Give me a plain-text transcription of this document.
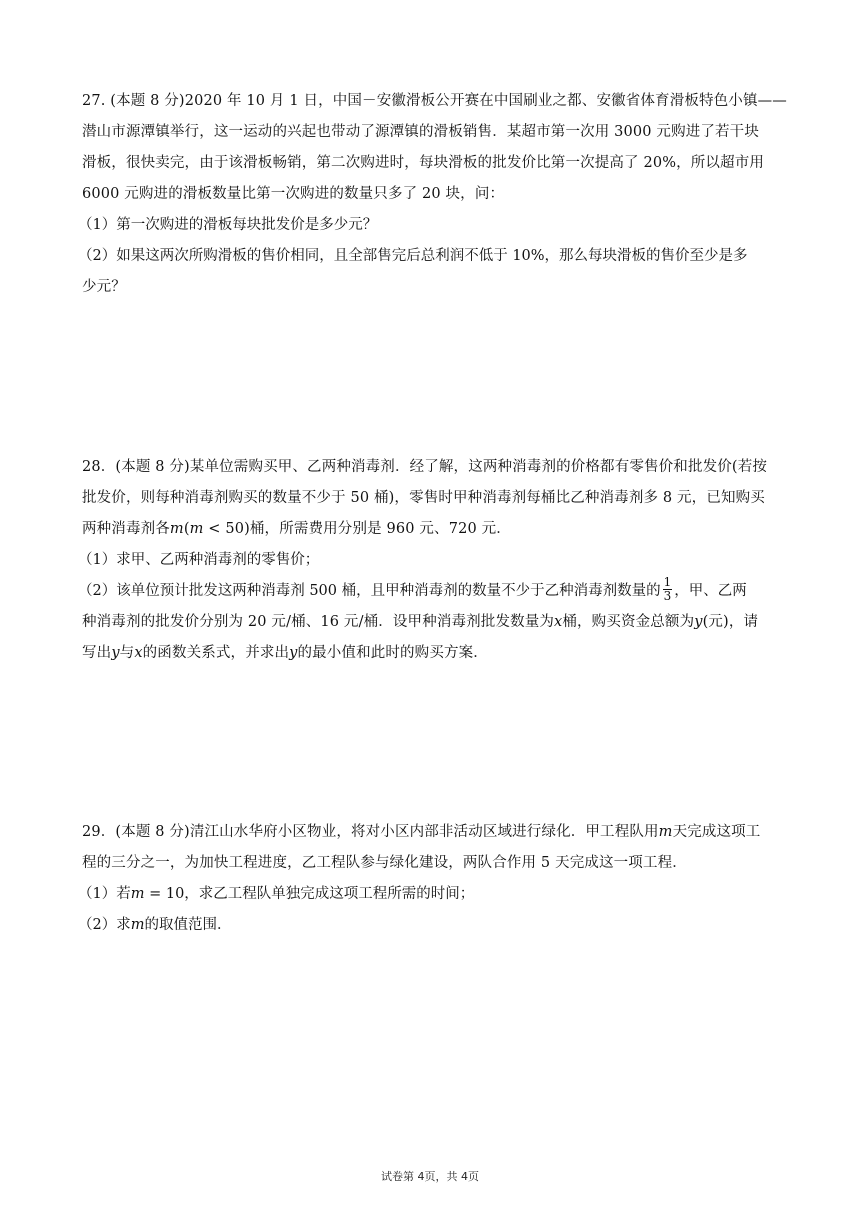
27. (本题 8 分)2020 年 10 月 1 日，中国－安徽滑板公开赛在中国刷业之都、安徽省体育滑板特色小镇——
潜山市源潭镇举行，这一运动的兴起也带动了源潭镇的滑板销售．某超市第一次用 3000 元购进了若干块
滑板，很快卖完，由于该滑板畅销，第二次购进时，每块滑板的批发价比第一次提高了 20%，所以超市用
6000 元购进的滑板数量比第一次购进的数量只多了 20 块，问：
（1）第一次购进的滑板每块批发价是多少元？
（2）如果这两次所购滑板的售价相同，且全部售完后总利润不低于 10%，那么每块滑板的售价至少是多
少元？
28．(本题 8 分)某单位需购买甲、乙两种消毒剂．经了解，这两种消毒剂的价格都有零售价和批发价(若按
批发价，则每种消毒剂购买的数量不少于 50 桶)，零售时甲种消毒剂每桶比乙种消毒剂多 8 元，已知购买
两种消毒剂各m(m < 50)桶，所需费用分别是 960 元、720 元．
（1）求甲、乙两种消毒剂的零售价；
（2）该单位预计批发这两种消毒剂 500 桶，且甲种消毒剂的数量不少于乙种消毒剂数量的 $\frac{1}{3}$ ，甲、乙两
种消毒剂的批发价分别为 20 元/桶、16 元/桶．设甲种消毒剂批发数量为x桶，购买资金总额为y(元)，请
写出y与x的函数关系式，并求出y的最小值和此时的购买方案．
29．(本题 8 分)清江山水华府小区物业，将对小区内部非活动区域进行绿化．甲工程队用m天完成这项工
程的三分之一，为加快工程进度，乙工程队参与绿化建设，两队合作用 5 天完成这一项工程．
（1）若m = 10，求乙工程队单独完成这项工程所需的时间；
（2）求m的取值范围．
试卷第 4页，共 4页
